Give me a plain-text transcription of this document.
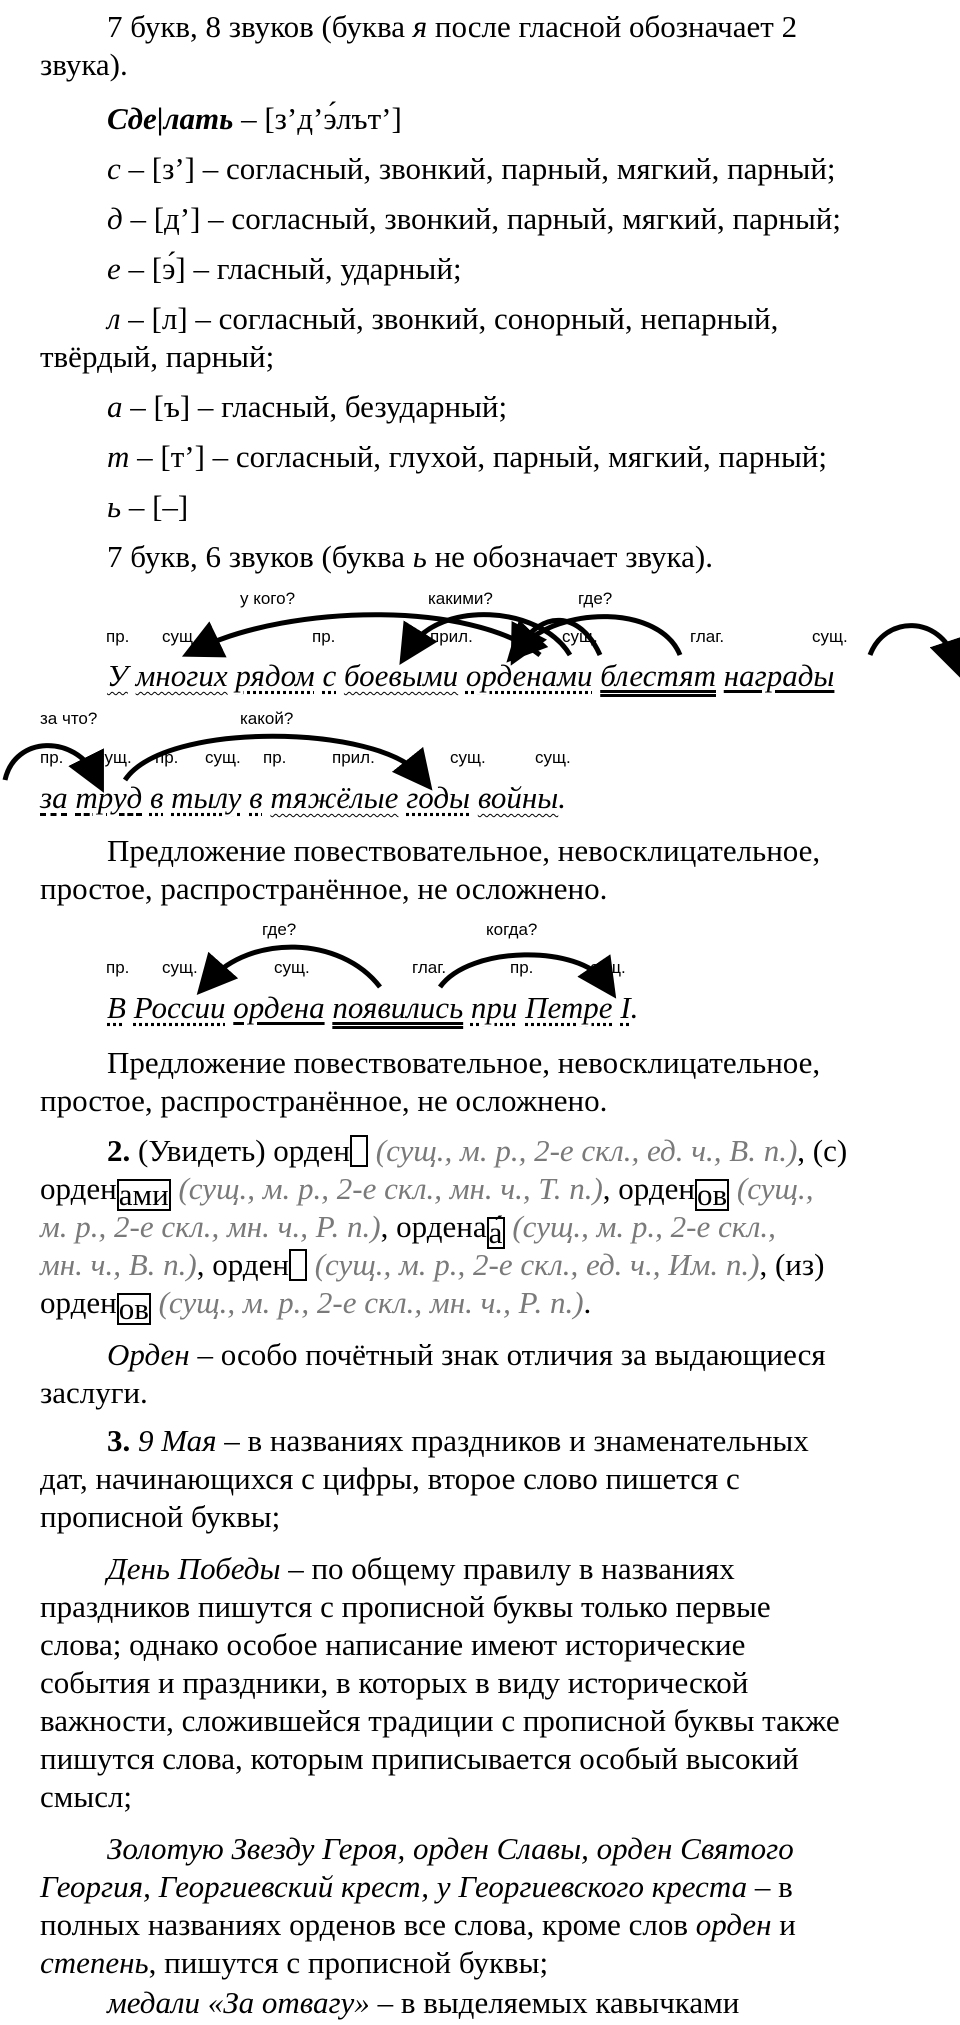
7 букв, 8 звуков (буква я после гласной обозначает 2
звука).
Сде|лать – [з’д’э́лът’]
с – [з’] – согласный, звонкий, парный, мягкий, парный;
д – [д’] – согласный, звонкий, парный, мягкий, парный;
е – [э́] – гласный, ударный;
л – [л] – согласный, звонкий, сонорный, непарный,
твёрдый, парный;
а – [ъ] – гласный, безударный;
т – [т’] – согласный, глухой, парный, мягкий, парный;
ь – [–]
7 букв, 6 звуков (буква ь не обозначает звука).
у кого?	какими?	где?
пр. сущ.	пр.	прил.	сущ.	глаг.	сущ.
У многих рядом с боевыми орденами блестят награды
за что?	какой?
пр. сущ. пр. сущ. пр.	прил.	сущ.	сущ.
за труд в тылу в тяжёлые годы войны.
Предложение повествовательное, невосклицательное,
простое, распространённое, не осложнено.
где?	когда?
пр. сущ.	сущ.	глаг.	пр.	сущ.
В России ордена появились при Петре I.
Предложение повествовательное, невосклицательное,
простое, распространённое, не осложнено.
2. (Увидеть) орден (сущ., м. р., 2-е скл., ед. ч., В. п.), (с)
орденами (сущ., м. р., 2-е скл., мн. ч., Т. п.), орденов (сущ.,
м. р., 2-е скл., мн. ч., Р. п.), орденаа́ (сущ., м. р., 2-е скл.,
мн. ч., В. п.), орден (сущ., м. р., 2-е скл., ед. ч., Им. п.), (из)
орденов (сущ., м. р., 2-е скл., мн. ч., Р. п.).
Орден – особо почётный знак отличия за выдающиеся
заслуги.
3. 9 Мая – в названиях праздников и знаменательных
дат, начинающихся с цифры, второе слово пишется с
прописной буквы;
День Победы – по общему правилу в названиях
праздников пишутся с прописной буквы только первые
слова; однако особое написание имеют исторические
события и праздники, в которых в виду исторической
важности, сложившейся традиции с прописной буквы также
пишутся слова, которым приписывается особый высокий
смысл;
Золотую Звезду Героя, орден Славы, орден Святого
Георгия, Георгиевский крест, у Георгиевского креста – в
полных названиях орденов все слова, кроме слов орден и
степень, пишутся с прописной буквы;
медали «За отвагу» – в выделяемых кавычками
